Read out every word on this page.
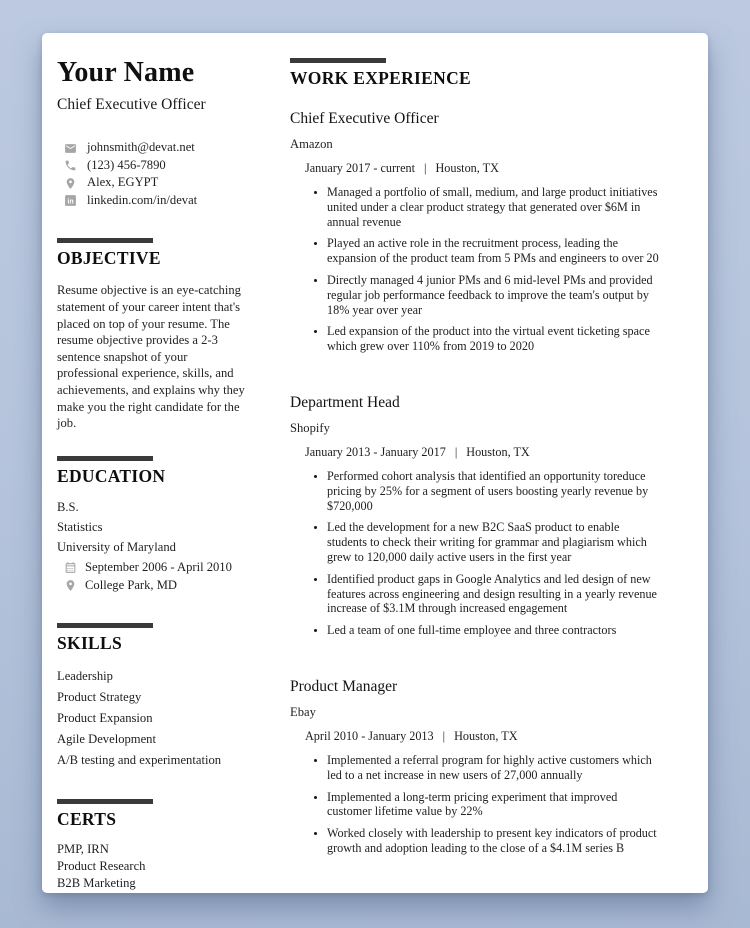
Your Name
Chief Executive Officer
johnsmith@devat.net
(123) 456-7890
Alex, EGYPT
in linkedin.com/in/devat
OBJECTIVE

Resume objective is an eye-catching statement of your career intent that's placed on top of your resume. The resume objective provides a 2-3 sentence snapshot of your professional experience, skills, and achievements, and explains why they make you the right candidate for the job.

EDUCATION
B.S.
Statistics
University of Maryland
September 2006 - April 2010
College Park, MD
SKILLS
Leadership
Product Strategy
Product Expansion
Agile Development
A/B testing and experimentation
CERTS
PMP, IRN
Product Research
B2B Marketing
WORK EXPERIENCE
Chief Executive Officer
Amazon
January 2017 - current | Houston, TX
• Managed a portfolio of small, medium, and large product initiatives united under a clear product strategy that generated over $6M in annual revenue
• Played an active role in the recruitment process, leading the expansion of the product team from 5 PMs and engineers to over 20
• Directly managed 4 junior PMs and 6 mid-level PMs and provided regular job performance feedback to improve the team's output by 18% year over year
• Led expansion of the product into the virtual event ticketing space which grew over 110% from 2019 to 2020
Department Head
Shopify
January 2013 - January 2017 | Houston, TX
• Performed cohort analysis that identified an opportunity toreduce pricing by 25% for a segment of users boosting yearly revenue by $720,000
• Led the development for a new B2C SaaS product to enable students to check their writing for grammar and plagiarism which grew to 120,000 daily active users in the first year
• Identified product gaps in Google Analytics and led design of new features across engineering and design resulting in a yearly revenue increase of $3.1M through increased engagement
• Led a team of one full-time employee and three contractors
Product Manager
Ebay
April 2010 - January 2013 | Houston, TX
• Implemented a referral program for highly active customers which led to a net increase in new users of 27,000 annually
• Implemented a long-term pricing experiment that improved customer lifetime value by 22%
• Worked closely with leadership to present key indicators of product growth and adoption leading to the close of a $4.1M series B
